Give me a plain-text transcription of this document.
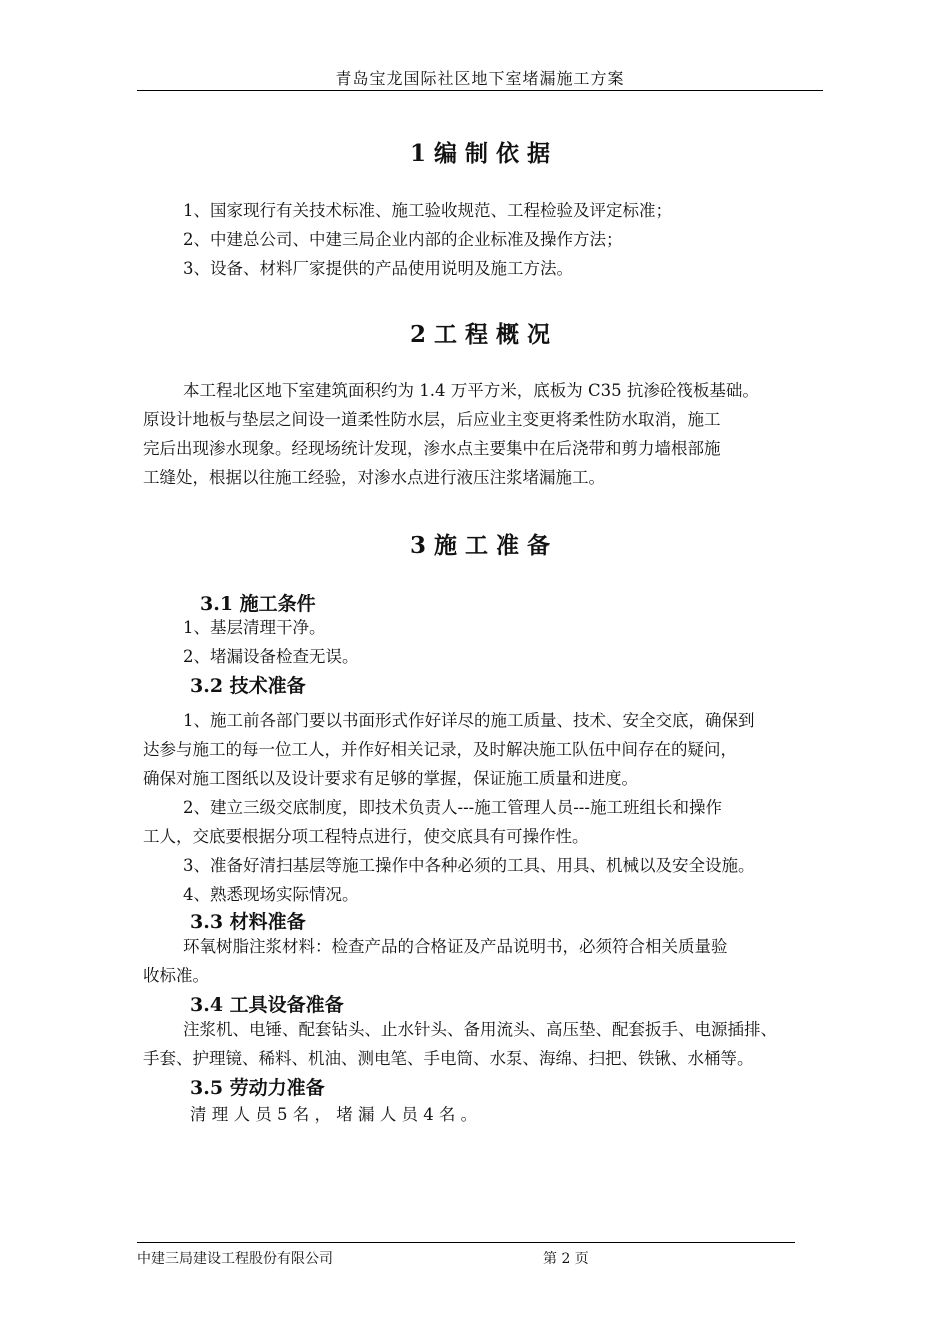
青岛宝龙国际社区地下室堵漏施工方案
1 编 制 依 据
1、国家现行有关技术标准、施工验收规范、工程检验及评定标准；
2、中建总公司、中建三局企业内部的企业标准及操作方法；
3、设备、材料厂家提供的产品使用说明及施工方法。
2 工 程 概 况
本工程北区地下室建筑面积约为 1.4 万平方米，底板为 C35 抗渗砼筏板基础。
原设计地板与垫层之间设一道柔性防水层，后应业主变更将柔性防水取消，施工
完后出现渗水现象。经现场统计发现，渗水点主要集中在后浇带和剪力墙根部施
工缝处，根据以往施工经验，对渗水点进行液压注浆堵漏施工。
3 施 工 准 备
3.1 施工条件
1、基层清理干净。
2、堵漏设备检查无误。
3.2 技术准备
1、施工前各部门要以书面形式作好详尽的施工质量、技术、安全交底，确保到
达参与施工的每一位工人，并作好相关记录，及时解决施工队伍中间存在的疑问，
确保对施工图纸以及设计要求有足够的掌握，保证施工质量和进度。
2、建立三级交底制度，即技术负责人---施工管理人员---施工班组长和操作
工人，交底要根据分项工程特点进行，使交底具有可操作性。
3、准备好清扫基层等施工操作中各种必须的工具、用具、机械以及安全设施。
4、熟悉现场实际情况。
3.3 材料准备
环氧树脂注浆材料：检查产品的合格证及产品说明书，必须符合相关质量验
收标准。
3.4 工具设备准备
注浆机、电锤、配套钻头、止水针头、备用流头、高压垫、配套扳手、电源插排、
手套、护理镜、稀料、机油、测电笔、手电筒、水泵、海绵、扫把、铁锹、水桶等。
3.5 劳动力准备
清 理 人 员 5 名 ， 堵 漏 人 员 4 名 。
中建三局建设工程股份有限公司	第 2 页
